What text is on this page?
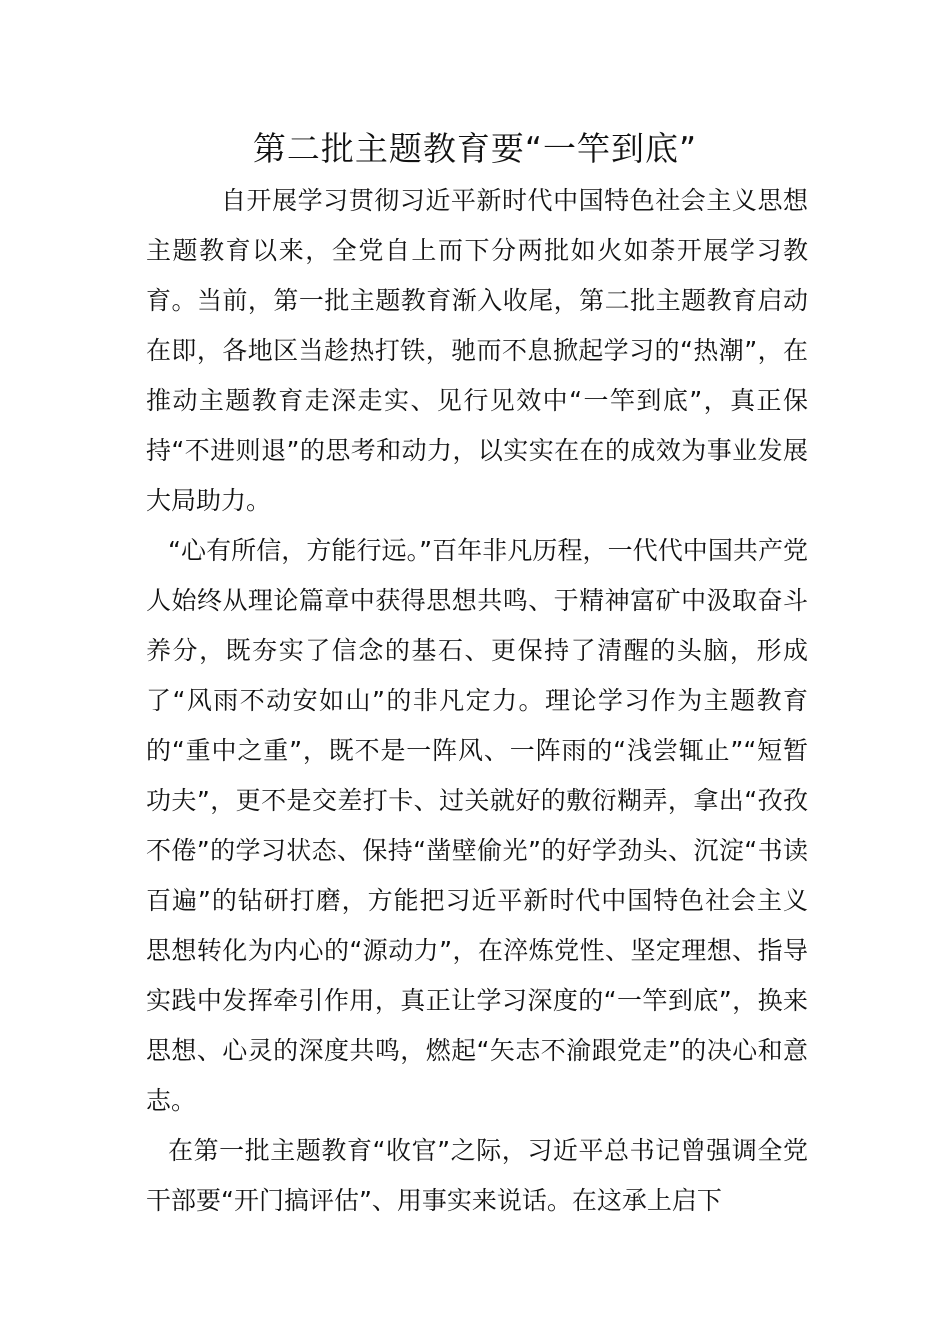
第二批主题教育要“一竿到底”

自开展学习贯彻习近平新时代中国特色社会主义思想主题教育以来，全党自上而下分两批如火如荼开展学习教育。当前，第一批主题教育渐入收尾，第二批主题教育启动在即，各地区当趁热打铁，驰而不息掀起学习的“热潮”，在推动主题教育走深走实、见行见效中“一竿到底”，真正保持“不进则退”的思考和动力，以实实在在的成效为事业发展大局助力。

“心有所信，方能行远。”百年非凡历程，一代代中国共产党人始终从理论篇章中获得思想共鸣、于精神富矿中汲取奋斗养分，既夯实了信念的基石、更保持了清醒的头脑，形成了“风雨不动安如山”的非凡定力。理论学习作为主题教育的“重中之重”，既不是一阵风、一阵雨的“浅尝辄止”“短暂功夫”，更不是交差打卡、过关就好的敷衍糊弄，拿出“孜孜不倦”的学习状态、保持“凿壁偷光”的好学劲头、沉淀“书读百遍”的钻研打磨，方能把习近平新时代中国特色社会主义思想转化为内心的“源动力”，在淬炼党性、坚定理想、指导实践中发挥牵引作用，真正让学习深度的“一竿到底”，换来思想、心灵的深度共鸣，燃起“矢志不渝跟党走”的决心和意志。

在第一批主题教育“收官”之际，习近平总书记曾强调全党干部要“开门搞评估”、用事实来说话。在这承上启下
